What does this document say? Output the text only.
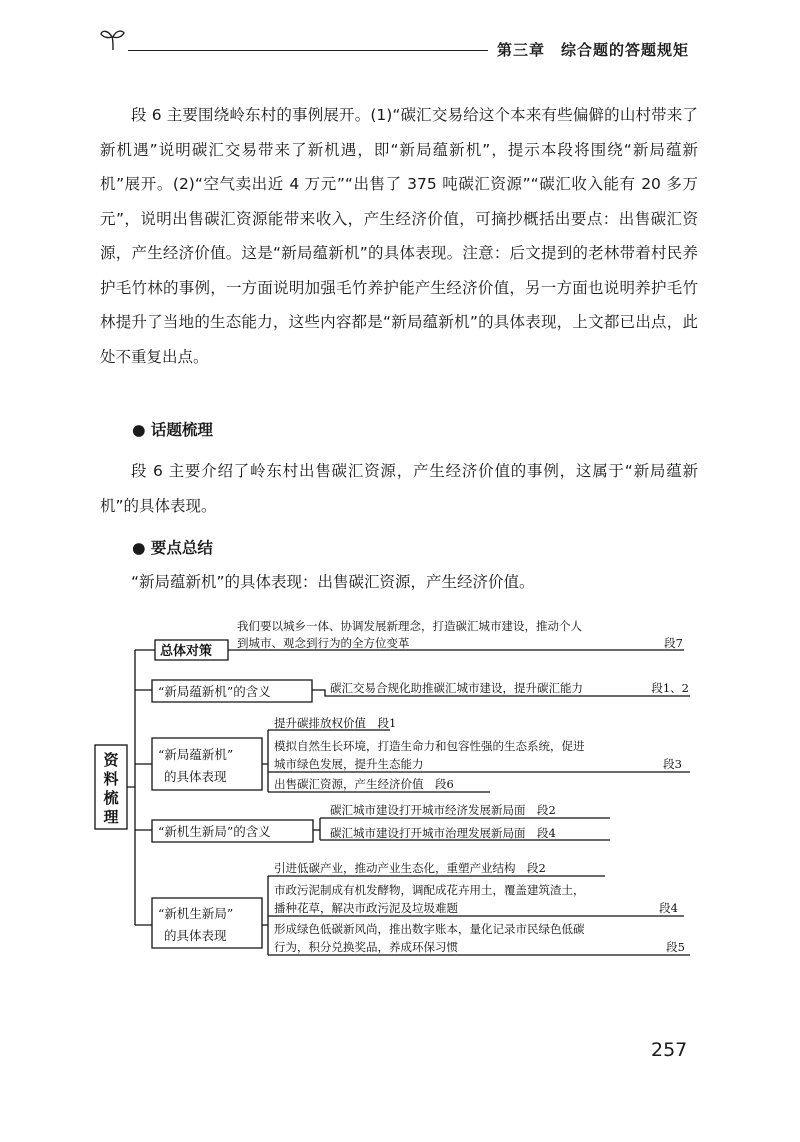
第三章　综合题的答题规矩
段 6 主要围绕岭东村的事例展开。(1)“碳汇交易给这个本来有些偏僻的山村带来了新机遇”说明碳汇交易带来了新机遇，即“新局蕴新机”，提示本段将围绕“新局蕴新机”展开。(2)“空气卖出近 4 万元”“出售了 375 吨碳汇资源”“碳汇收入能有 20 多万元”，说明出售碳汇资源能带来收入，产生经济价值，可摘抄概括出要点：出售碳汇资源，产生经济价值。这是“新局蕴新机”的具体表现。注意：后文提到的老林带着村民养护毛竹林的事例，一方面说明加强毛竹养护能产生经济价值，另一方面也说明养护毛竹林提升了当地的生态能力，这些内容都是“新局蕴新机”的具体表现，上文都已出点，此处不重复出点。
● 话题梳理
段 6 主要介绍了岭东村出售碳汇资源，产生经济价值的事例，这属于“新局蕴新机”的具体表现。
● 要点总结
“新局蕴新机”的具体表现：出售碳汇资源，产生经济价值。
资
料
梳
理
总体对策
我们要以城乡一体、协调发展新理念，打造碳汇城市建设，推动个人
到城市、观念到行为的全方位变革	段7
“新局蕴新机”的含义	碳汇交易合规化助推碳汇城市建设，提升碳汇能力	段1、2
“新局蕴新机”
的具体表现
提升碳排放权价值　段1
模拟自然生长环境，打造生命力和包容性强的生态系统，促进
城市绿色发展，提升生态能力	段3
出售碳汇资源，产生经济价值　段6
“新机生新局”的含义
碳汇城市建设打开城市经济发展新局面　段2
碳汇城市建设打开城市治理发展新局面　段4
“新机生新局”
的具体表现
引进低碳产业，推动产业生态化，重塑产业结构　段2
市政污泥制成有机发酵物，调配成花卉用土，覆盖建筑渣土，
播种花草，解决市政污泥及垃圾难题	段4
形成绿色低碳新风尚，推出数字账本，量化记录市民绿色低碳
行为，积分兑换奖品，养成环保习惯	段5
257
